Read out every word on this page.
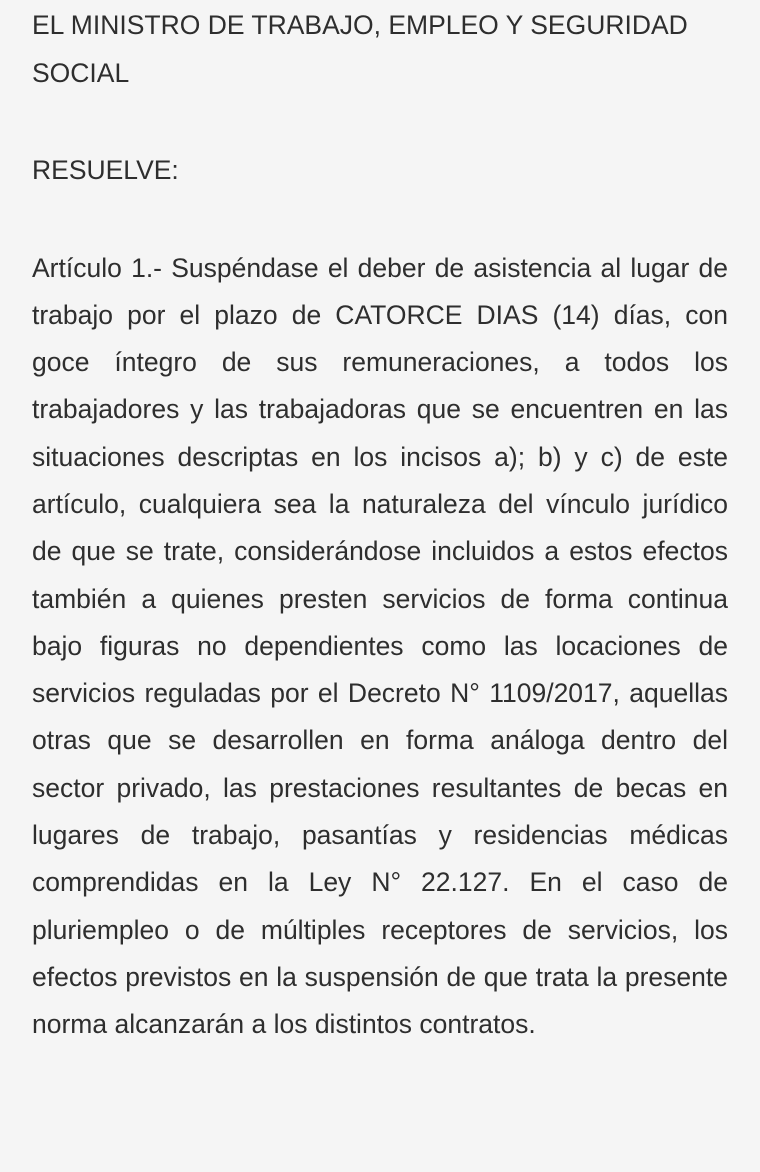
EL MINISTRO DE TRABAJO, EMPLEO Y SEGURIDAD SOCIAL

RESUELVE:

Artículo 1.- Suspéndase el deber de asistencia al lugar de trabajo por el plazo de CATORCE DIAS (14) días, con goce íntegro de sus remuneraciones, a todos los trabajadores y las trabajadoras que se encuentren en las situaciones descriptas en los incisos a); b) y c) de este artículo, cualquiera sea la naturaleza del vínculo jurídico de que se trate, considerándose incluidos a estos efectos también a quienes presten servicios de forma continua bajo figuras no dependientes como las locaciones de servicios reguladas por el Decreto N° 1109/2017, aquellas otras que se desarrollen en forma análoga dentro del sector privado, las prestaciones resultantes de becas en lugares de trabajo, pasantías y residencias médicas comprendidas en la Ley N° 22.127. En el caso de pluriempleo o de múltiples receptores de servicios, los efectos previstos en la suspensión de que trata la presente norma alcanzarán a los distintos contratos.
